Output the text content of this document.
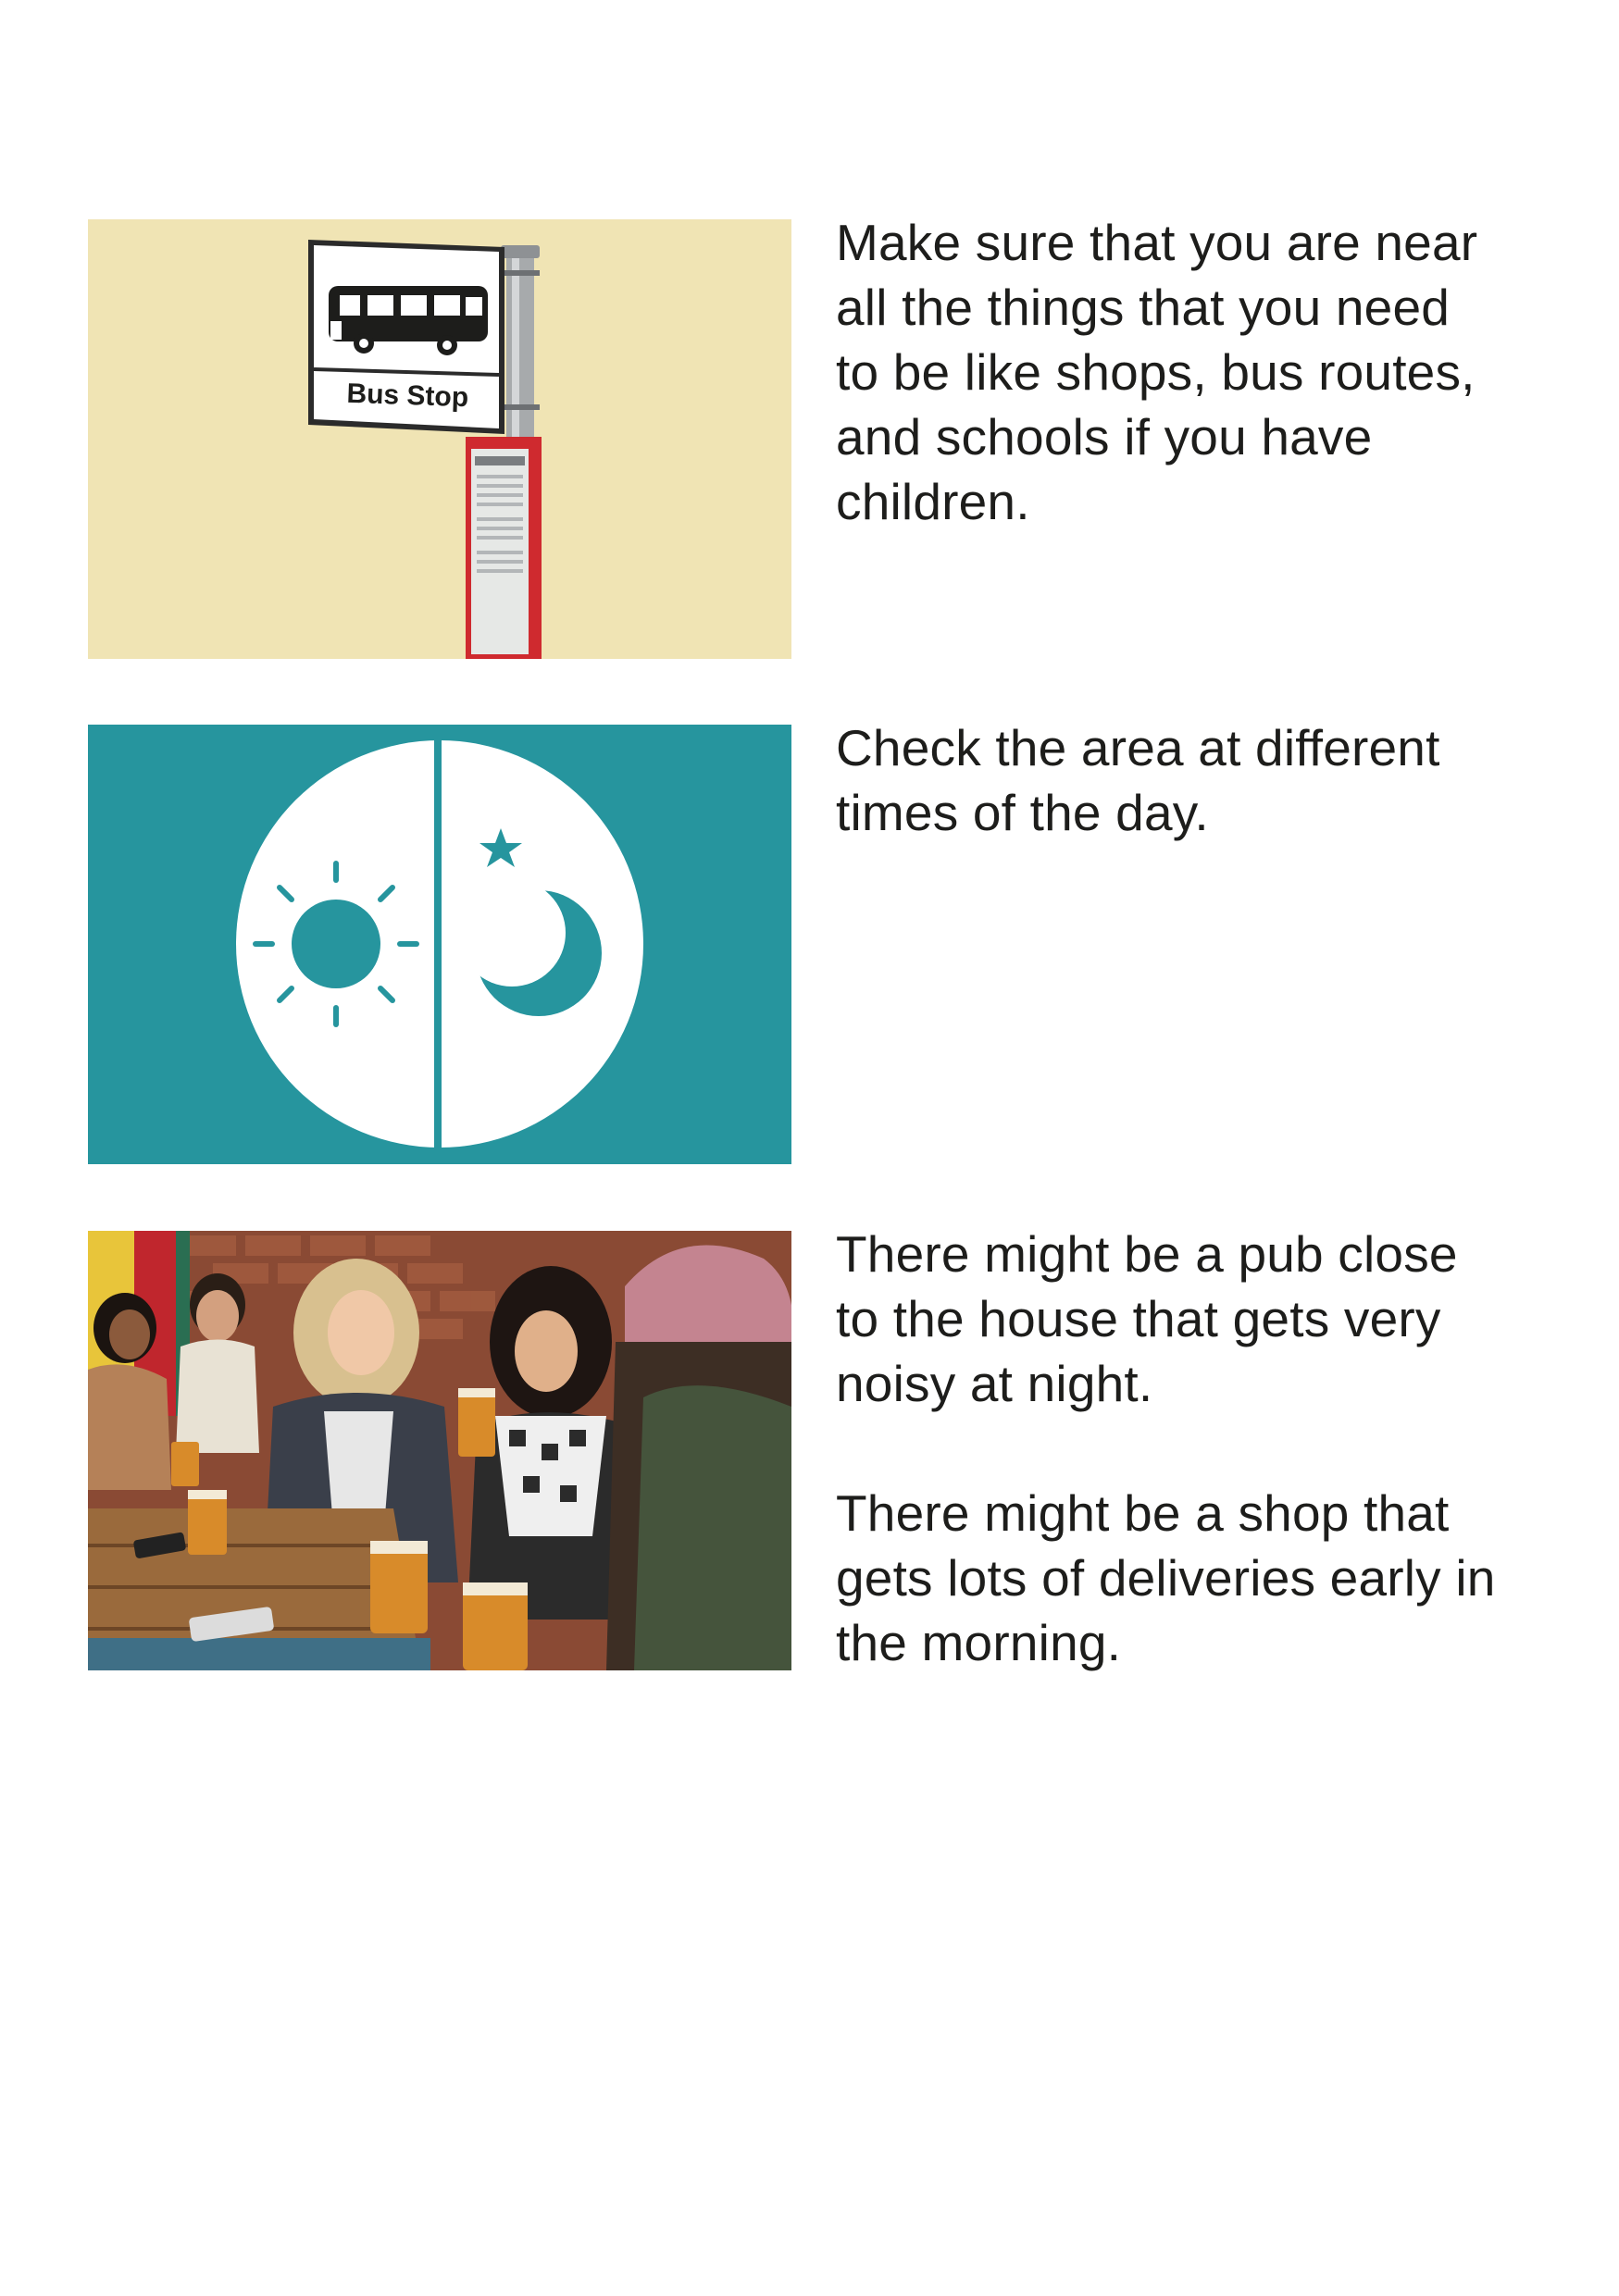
Bus Stop

Make sure that you are near
all the things that you need
to be like shops, bus routes,
and schools if you have
children.

Check the area at different
times of the day.

There might be a pub close
to the house that gets very
noisy at night.

There might be a shop that
gets lots of deliveries early in
the morning.
